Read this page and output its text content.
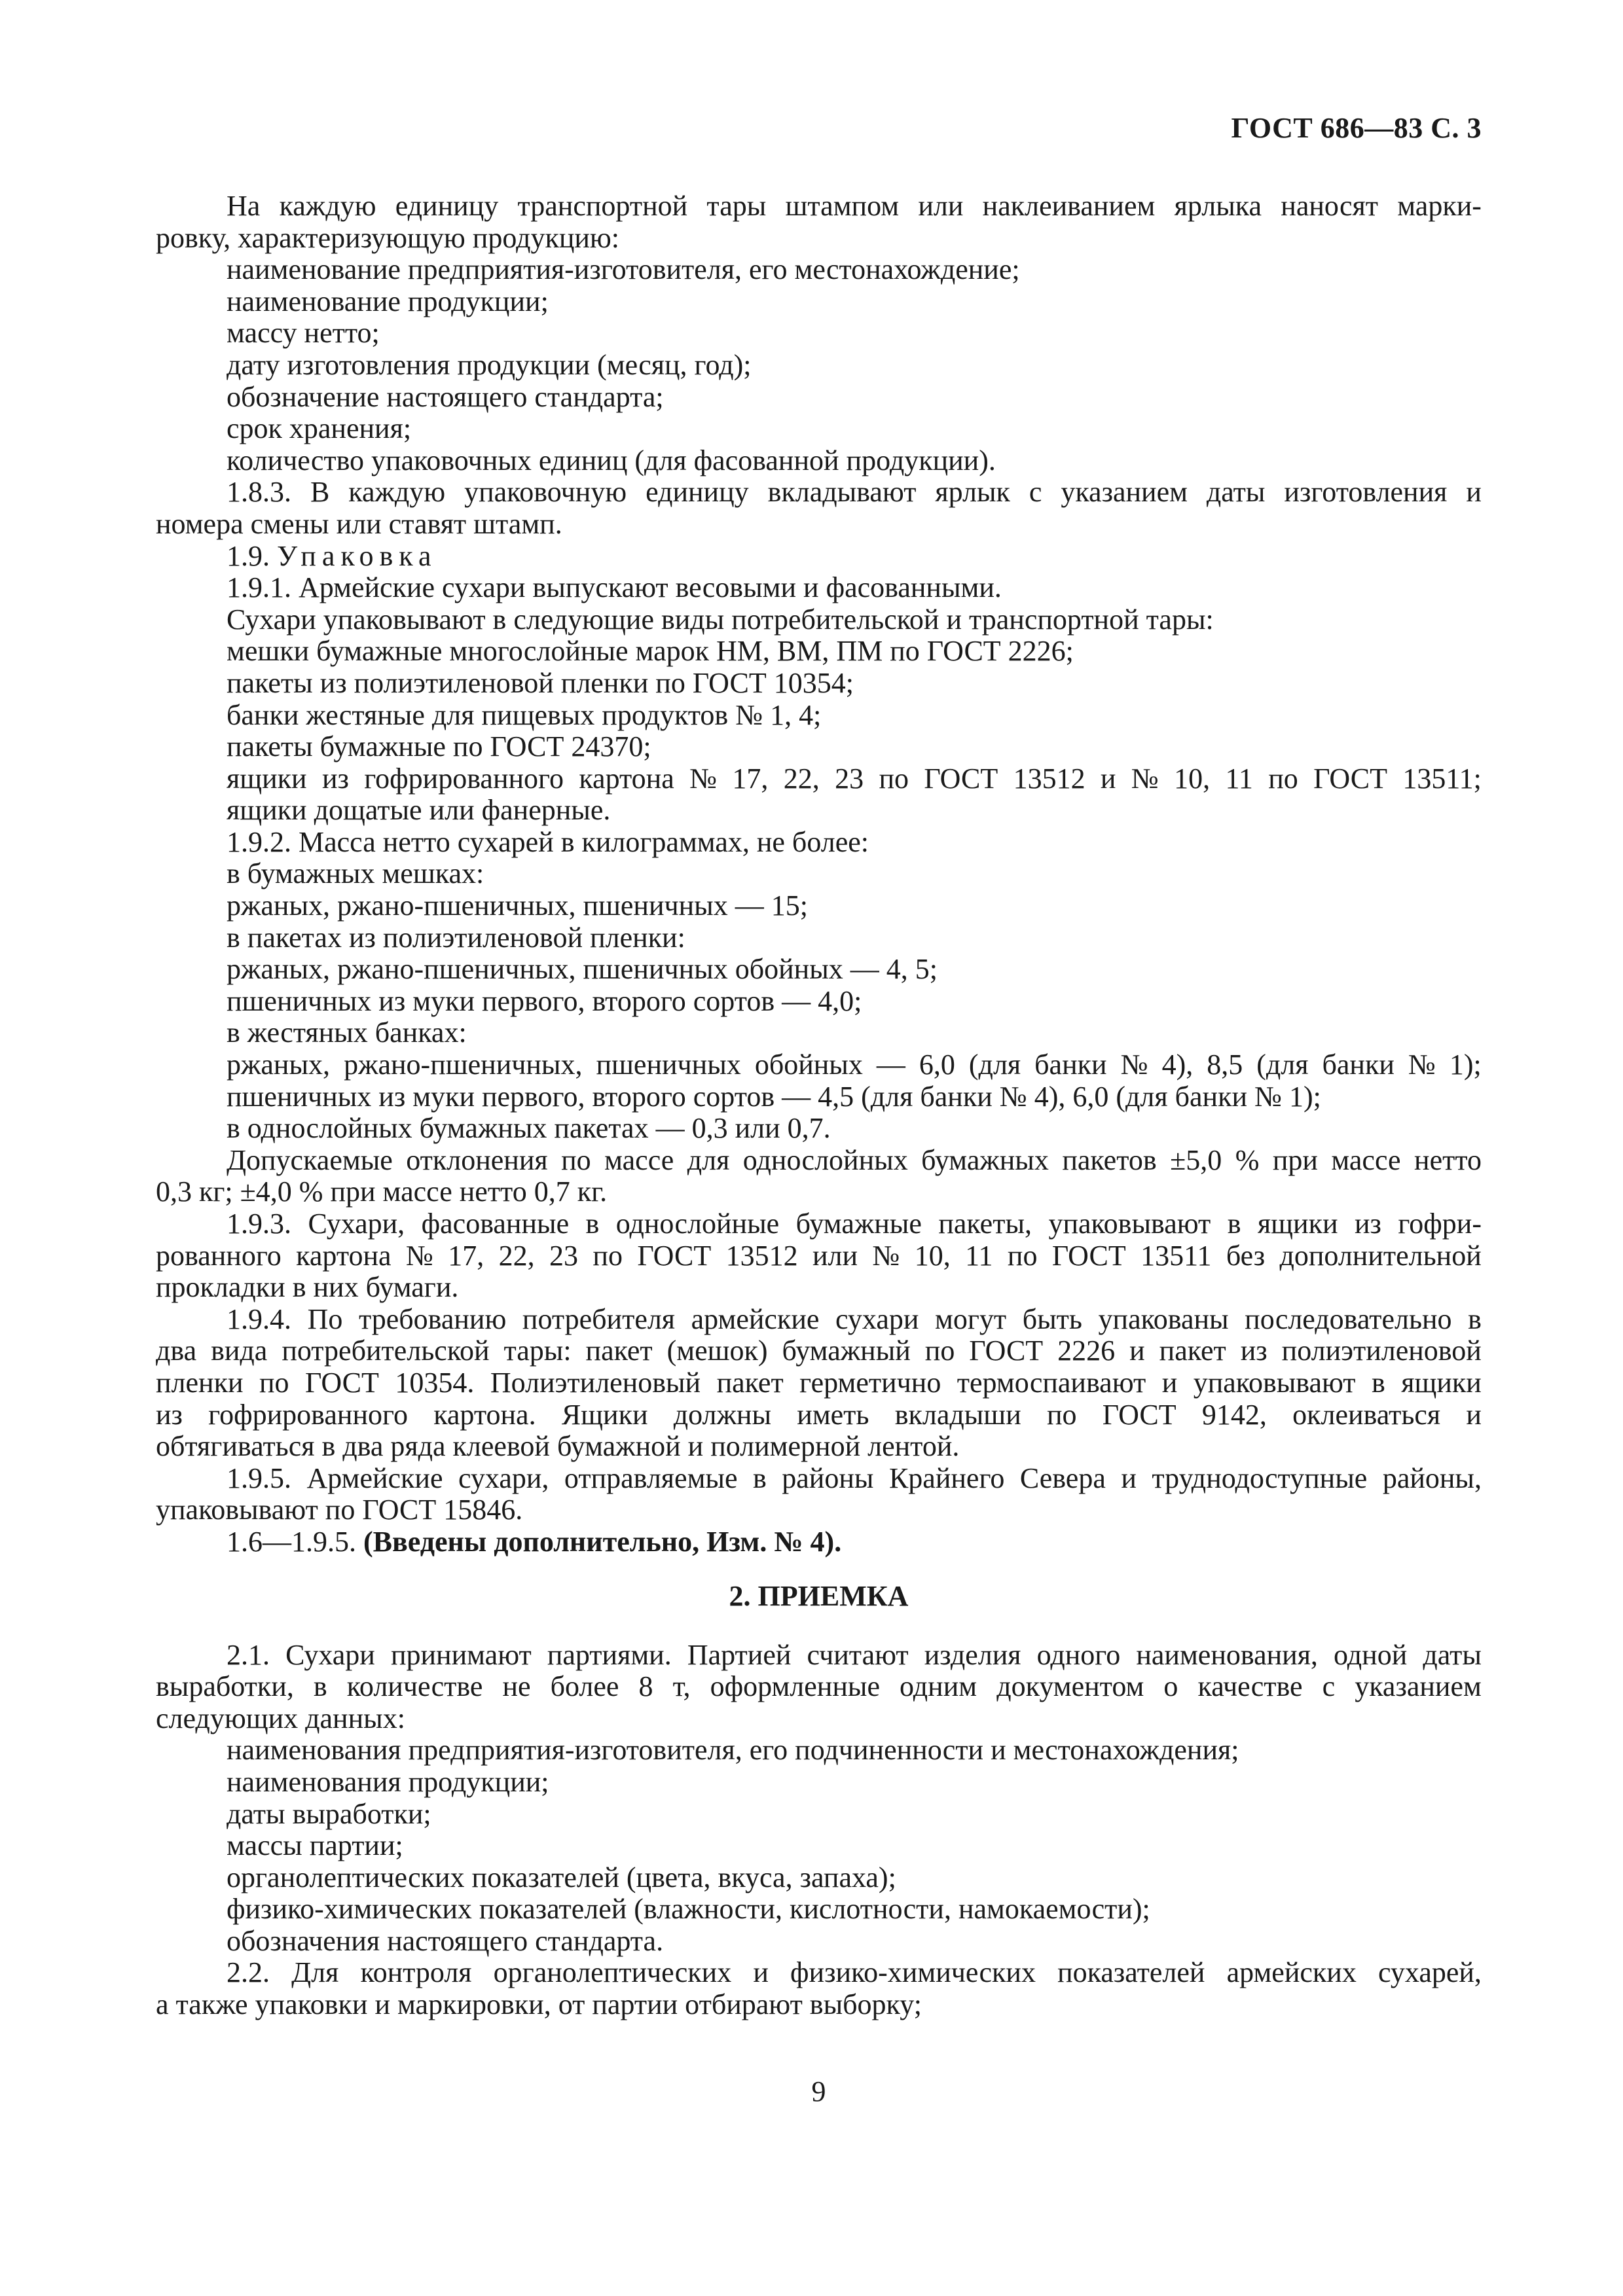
ГОСТ 686—83 С. 3
На каждую единицу транспортной тары штампом или наклеиванием ярлыка наносят марки-
ровку, характеризующую продукцию:
наименование предприятия-изготовителя, его местонахождение;
наименование продукции;
массу нетто;
дату изготовления продукции (месяц, год);
обозначение настоящего стандарта;
срок хранения;
количество упаковочных единиц (для фасованной продукции).
1.8.3. В каждую упаковочную единицу вкладывают ярлык с указанием даты изготовления и
номера смены или ставят штамп.
1.9. Упаковка
1.9.1. Армейские сухари выпускают весовыми и фасованными.
Сухари упаковывают в следующие виды потребительской и транспортной тары:
мешки бумажные многослойные марок НМ, ВМ, ПМ по ГОСТ 2226;
пакеты из полиэтиленовой пленки по ГОСТ 10354;
банки жестяные для пищевых продуктов № 1, 4;
пакеты бумажные по ГОСТ 24370;
ящики из гофрированного картона № 17, 22, 23 по ГОСТ 13512 и № 10, 11 по ГОСТ 13511;
ящики дощатые или фанерные.
1.9.2. Масса нетто сухарей в килограммах, не более:
в бумажных мешках:
ржаных, ржано-пшеничных, пшеничных — 15;
в пакетах из полиэтиленовой пленки:
ржаных, ржано-пшеничных, пшеничных обойных — 4, 5;
пшеничных из муки первого, второго сортов — 4,0;
в жестяных банках:
ржаных, ржано-пшеничных, пшеничных обойных — 6,0 (для банки № 4), 8,5 (для банки № 1);
пшеничных из муки первого, второго сортов — 4,5 (для банки № 4), 6,0 (для банки № 1);
в однослойных бумажных пакетах — 0,3 или 0,7.
Допускаемые отклонения по массе для однослойных бумажных пакетов ±5,0 % при массе нетто
0,3 кг; ±4,0 % при массе нетто 0,7 кг.
1.9.3. Сухари, фасованные в однослойные бумажные пакеты, упаковывают в ящики из гофри-
рованного картона № 17, 22, 23 по ГОСТ 13512 или № 10, 11 по ГОСТ 13511 без дополнительной
прокладки в них бумаги.
1.9.4. По требованию потребителя армейские сухари могут быть упакованы последовательно в
два вида потребительской тары: пакет (мешок) бумажный по ГОСТ 2226 и пакет из полиэтиленовой
пленки по ГОСТ 10354. Полиэтиленовый пакет герметично термоспаивают и упаковывают в ящики
из гофрированного картона. Ящики должны иметь вкладыши по ГОСТ 9142, оклеиваться и
обтягиваться в два ряда клеевой бумажной и полимерной лентой.
1.9.5. Армейские сухари, отправляемые в районы Крайнего Севера и труднодоступные районы,
упаковывают по ГОСТ 15846.
1.6—1.9.5. (Введены дополнительно, Изм. № 4).
2. ПРИЕМКА
2.1. Сухари принимают партиями. Партией считают изделия одного наименования, одной даты
выработки, в количестве не более 8 т, оформленные одним документом о качестве с указанием
следующих данных:
наименования предприятия-изготовителя, его подчиненности и местонахождения;
наименования продукции;
даты выработки;
массы партии;
органолептических показателей (цвета, вкуса, запаха);
физико-химических показателей (влажности, кислотности, намокаемости);
обозначения настоящего стандарта.
2.2. Для контроля органолептических и физико-химических показателей армейских сухарей,
а также упаковки и маркировки, от партии отбирают выборку;
9
